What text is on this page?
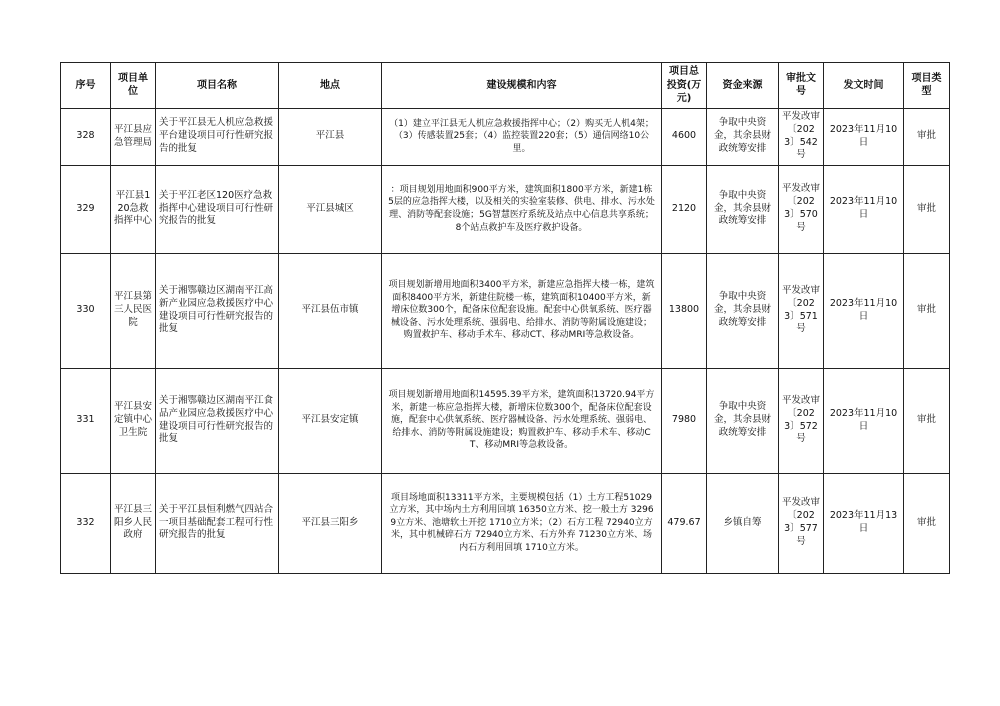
序号	项目单位	项目名称	地点	建设规模和内容	项目总投资(万元)	资金来源	审批文号	发文时间	项目类型
328	平江县应急管理局	关于平江县无人机应急救援平台建设项目可行性研究报告的批复	平江县	（1）建立平江县无人机应急救援指挥中心；（2）购买无人机4架；（3）传感装置25套；（4）监控装置220套；（5）通信网络10公里。	4600	争取中央资金，其余县财政统筹安排	平发改审〔2023〕542号	2023年11月10日	审批
329	平江县120急救指挥中心	关于平江老区120医疗急救指挥中心建设项目可行性研究报告的批复	平江县城区	：项目规划用地面积900平方米，建筑面积1800平方米，新建1栋5层的应急指挥大楼，以及相关的实验室装修、供电、排水、污水处理、消防等配套设施；5G智慧医疗系统及站点中心信息共享系统；8个站点救护车及医疗救护设备。	2120	争取中央资金，其余县财政统筹安排	平发改审〔2023〕570号	2023年11月10日	审批
330	平江县第三人民医院	关于湘鄂赣边区湖南平江高新产业园应急救援医疗中心建设项目可行性研究报告的批复	平江县伍市镇	项目规划新增用地面积3400平方米，新建应急指挥大楼一栋，建筑面积8400平方米，新建住院楼一栋，建筑面积10400平方米，新增床位数300个，配备床位配套设施。配套中心供氧系统、医疗器械设备、污水处理系统、强弱电、给排水、消防等附属设施建设；购置救护车、移动手术车、移动CT、移动MRI等急救设备。	13800	争取中央资金，其余县财政统筹安排	平发改审〔2023〕571号	2023年11月10日	审批
331	平江县安定镇中心卫生院	关于湘鄂赣边区湖南平江食品产业园应急救援医疗中心建设项目可行性研究报告的批复	平江县安定镇	项目规划新增用地面积14595.39平方米，建筑面积13720.94平方米，新建一栋应急指挥大楼，新增床位数300个，配备床位配套设施，配套中心供氧系统、医疗器械设备、污水处理系统、强弱电、给排水、消防等附属设施建设；购置救护车、移动手术车、移动CT、移动MRI等急救设备。	7980	争取中央资金，其余县财政统筹安排	平发改审〔2023〕572号	2023年11月10日	审批
332	平江县三阳乡人民政府	关于平江县恒利燃气四站合一项目基础配套工程可行性研究报告的批复	平江县三阳乡	项目场地面积13311平方米，主要规模包括（1）土方工程51029立方米，其中场内土方利用回填 16350立方米、挖一般土方 32969立方米、池塘软土开挖 1710立方米；（2）石方工程 72940立方米，其中机械碎石方 72940立方米、石方外弃 71230立方米、场内石方利用回填 1710立方米。	479.67	乡镇自筹	平发改审〔2023〕577号	2023年11月13日	审批
